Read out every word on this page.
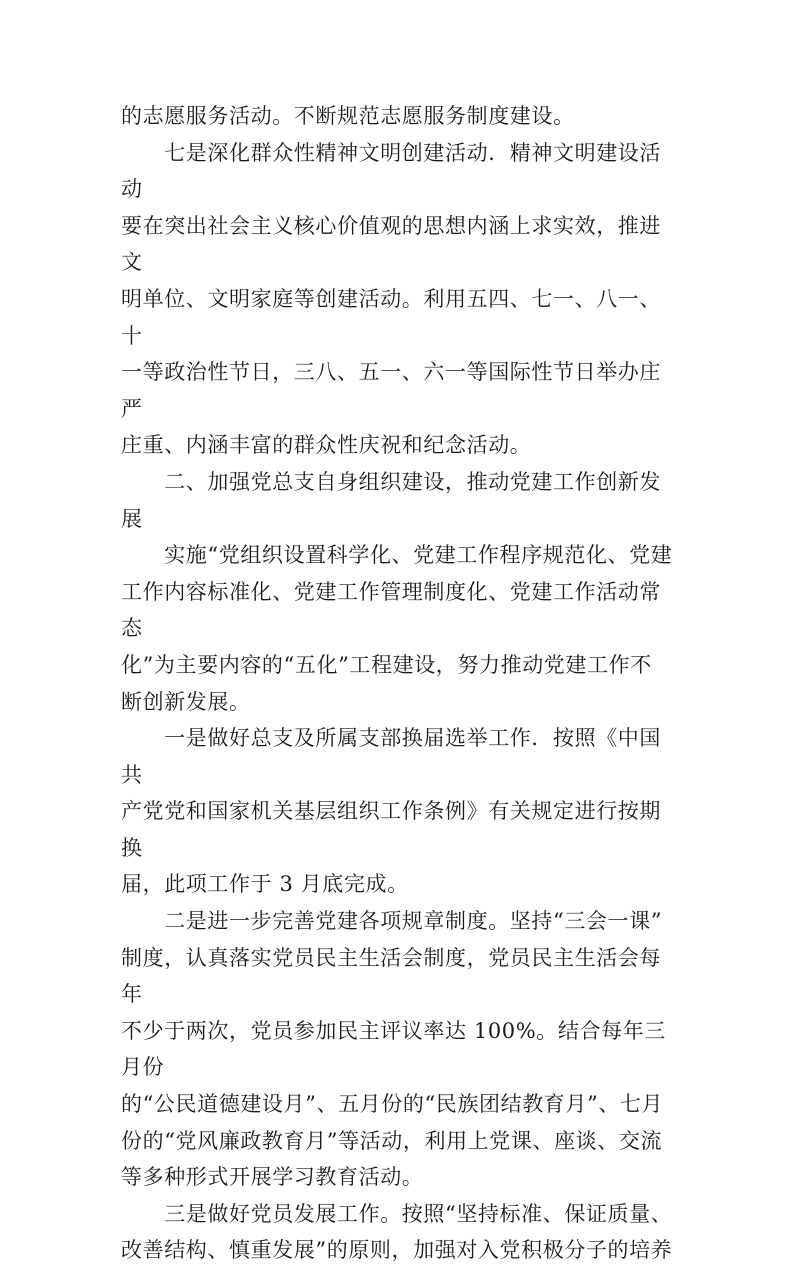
的志愿服务活动。不断规范志愿服务制度建设。

　　七是深化群众性精神文明创建活动．精神文明建设活动

要在突出社会主义核心价值观的思想内涵上求实效，推进文

明单位、文明家庭等创建活动。利用五四、七一、八一、十

一等政治性节日，三八、五一、六一等国际性节日举办庄严

庄重、内涵丰富的群众性庆祝和纪念活动。

　　二、加强党总支自身组织建设，推动党建工作创新发展

　　实施“党组织设置科学化、党建工作程序规范化、党建

工作内容标准化、党建工作管理制度化、党建工作活动常态

化”为主要内容的“五化”工程建设，努力推动党建工作不

断创新发展。

　　一是做好总支及所属支部换届选举工作．按照《中国共

产党党和国家机关基层组织工作条例》有关规定进行按期换

届，此项工作于 3 月底完成。

　　二是进一步完善党建各项规章制度。坚持“三会一课”

制度，认真落实党员民主生活会制度，党员民主生活会每年

不少于两次，党员参加民主评议率达 100%。结合每年三月份

的“公民道德建设月”、五月份的“民族团结教育月”、七月

份的“党风廉政教育月”等活动，利用上党课、座谈、交流

等多种形式开展学习教育活动。

　　三是做好党员发展工作。按照“坚持标准、保证质量、

改善结构、慎重发展”的原则，加强对入党积极分子的培养
